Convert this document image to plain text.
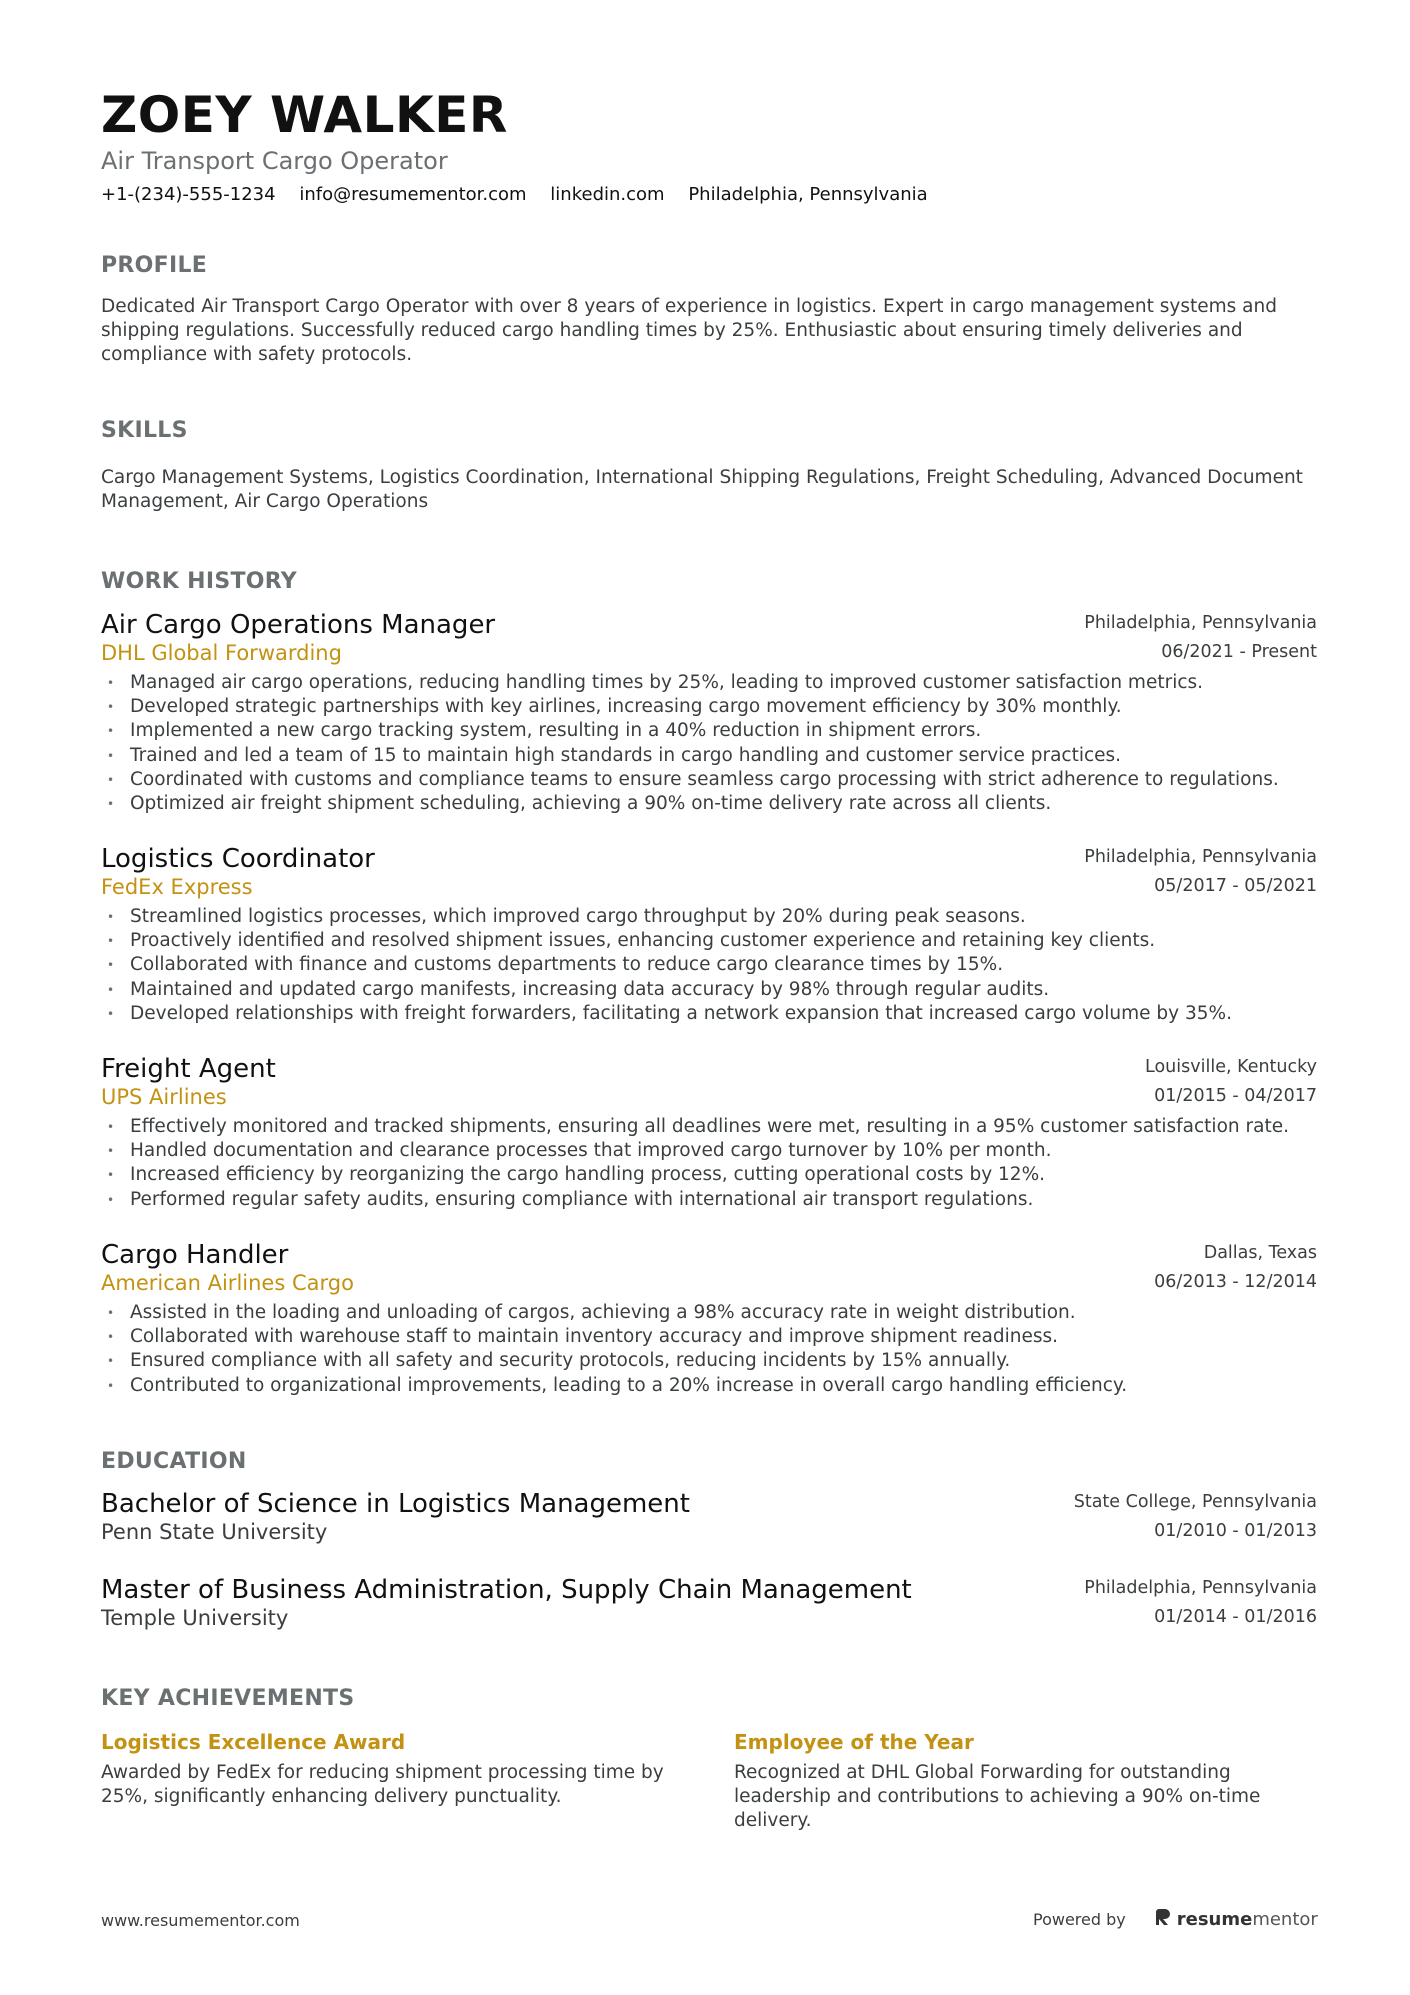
ZOEY WALKER
Air Transport Cargo Operator
+1-(234)-555-1234 info@resumementor.com linkedin.com Philadelphia, Pennsylvania
PROFILE
Dedicated Air Transport Cargo Operator with over 8 years of experience in logistics. Expert in cargo management systems and shipping regulations. Successfully reduced cargo handling times by 25%. Enthusiastic about ensuring timely deliveries and compliance with safety protocols.
SKILLS
Cargo Management Systems, Logistics Coordination, International Shipping Regulations, Freight Scheduling, Advanced Document Management, Air Cargo Operations
WORK HISTORY
Air Cargo Operations Manager
DHL Global Forwarding
Philadelphia, Pennsylvania
06/2021 - Present
• Managed air cargo operations, reducing handling times by 25%, leading to improved customer satisfaction metrics.
• Developed strategic partnerships with key airlines, increasing cargo movement efficiency by 30% monthly.
• Implemented a new cargo tracking system, resulting in a 40% reduction in shipment errors.
• Trained and led a team of 15 to maintain high standards in cargo handling and customer service practices.
• Coordinated with customs and compliance teams to ensure seamless cargo processing with strict adherence to regulations.
• Optimized air freight shipment scheduling, achieving a 90% on-time delivery rate across all clients.
Logistics Coordinator
FedEx Express
Philadelphia, Pennsylvania
05/2017 - 05/2021
• Streamlined logistics processes, which improved cargo throughput by 20% during peak seasons.
• Proactively identified and resolved shipment issues, enhancing customer experience and retaining key clients.
• Collaborated with finance and customs departments to reduce cargo clearance times by 15%.
• Maintained and updated cargo manifests, increasing data accuracy by 98% through regular audits.
• Developed relationships with freight forwarders, facilitating a network expansion that increased cargo volume by 35%.
Freight Agent
UPS Airlines
Louisville, Kentucky
01/2015 - 04/2017
• Effectively monitored and tracked shipments, ensuring all deadlines were met, resulting in a 95% customer satisfaction rate.
• Handled documentation and clearance processes that improved cargo turnover by 10% per month.
• Increased efficiency by reorganizing the cargo handling process, cutting operational costs by 12%.
• Performed regular safety audits, ensuring compliance with international air transport regulations.
Cargo Handler
American Airlines Cargo
Dallas, Texas
06/2013 - 12/2014
• Assisted in the loading and unloading of cargos, achieving a 98% accuracy rate in weight distribution.
• Collaborated with warehouse staff to maintain inventory accuracy and improve shipment readiness.
• Ensured compliance with all safety and security protocols, reducing incidents by 15% annually.
• Contributed to organizational improvements, leading to a 20% increase in overall cargo handling efficiency.
EDUCATION
Bachelor of Science in Logistics Management
Penn State University
State College, Pennsylvania
01/2010 - 01/2013
Master of Business Administration, Supply Chain Management
Temple University
Philadelphia, Pennsylvania
01/2014 - 01/2016
KEY ACHIEVEMENTS
Logistics Excellence Award
Awarded by FedEx for reducing shipment processing time by 25%, significantly enhancing delivery punctuality.
Employee of the Year
Recognized at DHL Global Forwarding for outstanding leadership and contributions to achieving a 90% on-time delivery.
www.resumementor.com	Powered by	resume mentor
